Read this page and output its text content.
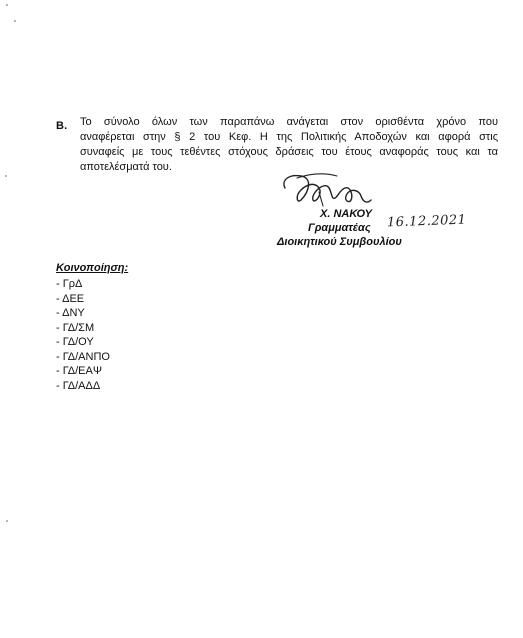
B. Το σύνολο όλων των παραπάνω ανάγεται στον ορισθέντα χρόνο που
αναφέρεται στην § 2 του Κεφ. Η της Πολιτικής Αποδοχών και αφορά στις
συναφείς με τους τεθέντες στόχους δράσεις του έτους αναφοράς τους και τα
αποτελέσματά του.
Χ. ΝΑΚΟΥ
Γραμματέας 16.12.2021
Διοικητικού Συμβουλίου
Κοινοποίηση:
- ΓρΔ
- ΔΕΕ
- ΔΝΥ
- ΓΔ/ΣΜ
- ΓΔ/ΟΥ
- ΓΔ/ΑΝΠΟ
- ΓΔ/ΕΑΨ
- ΓΔ/ΑΔΔ
